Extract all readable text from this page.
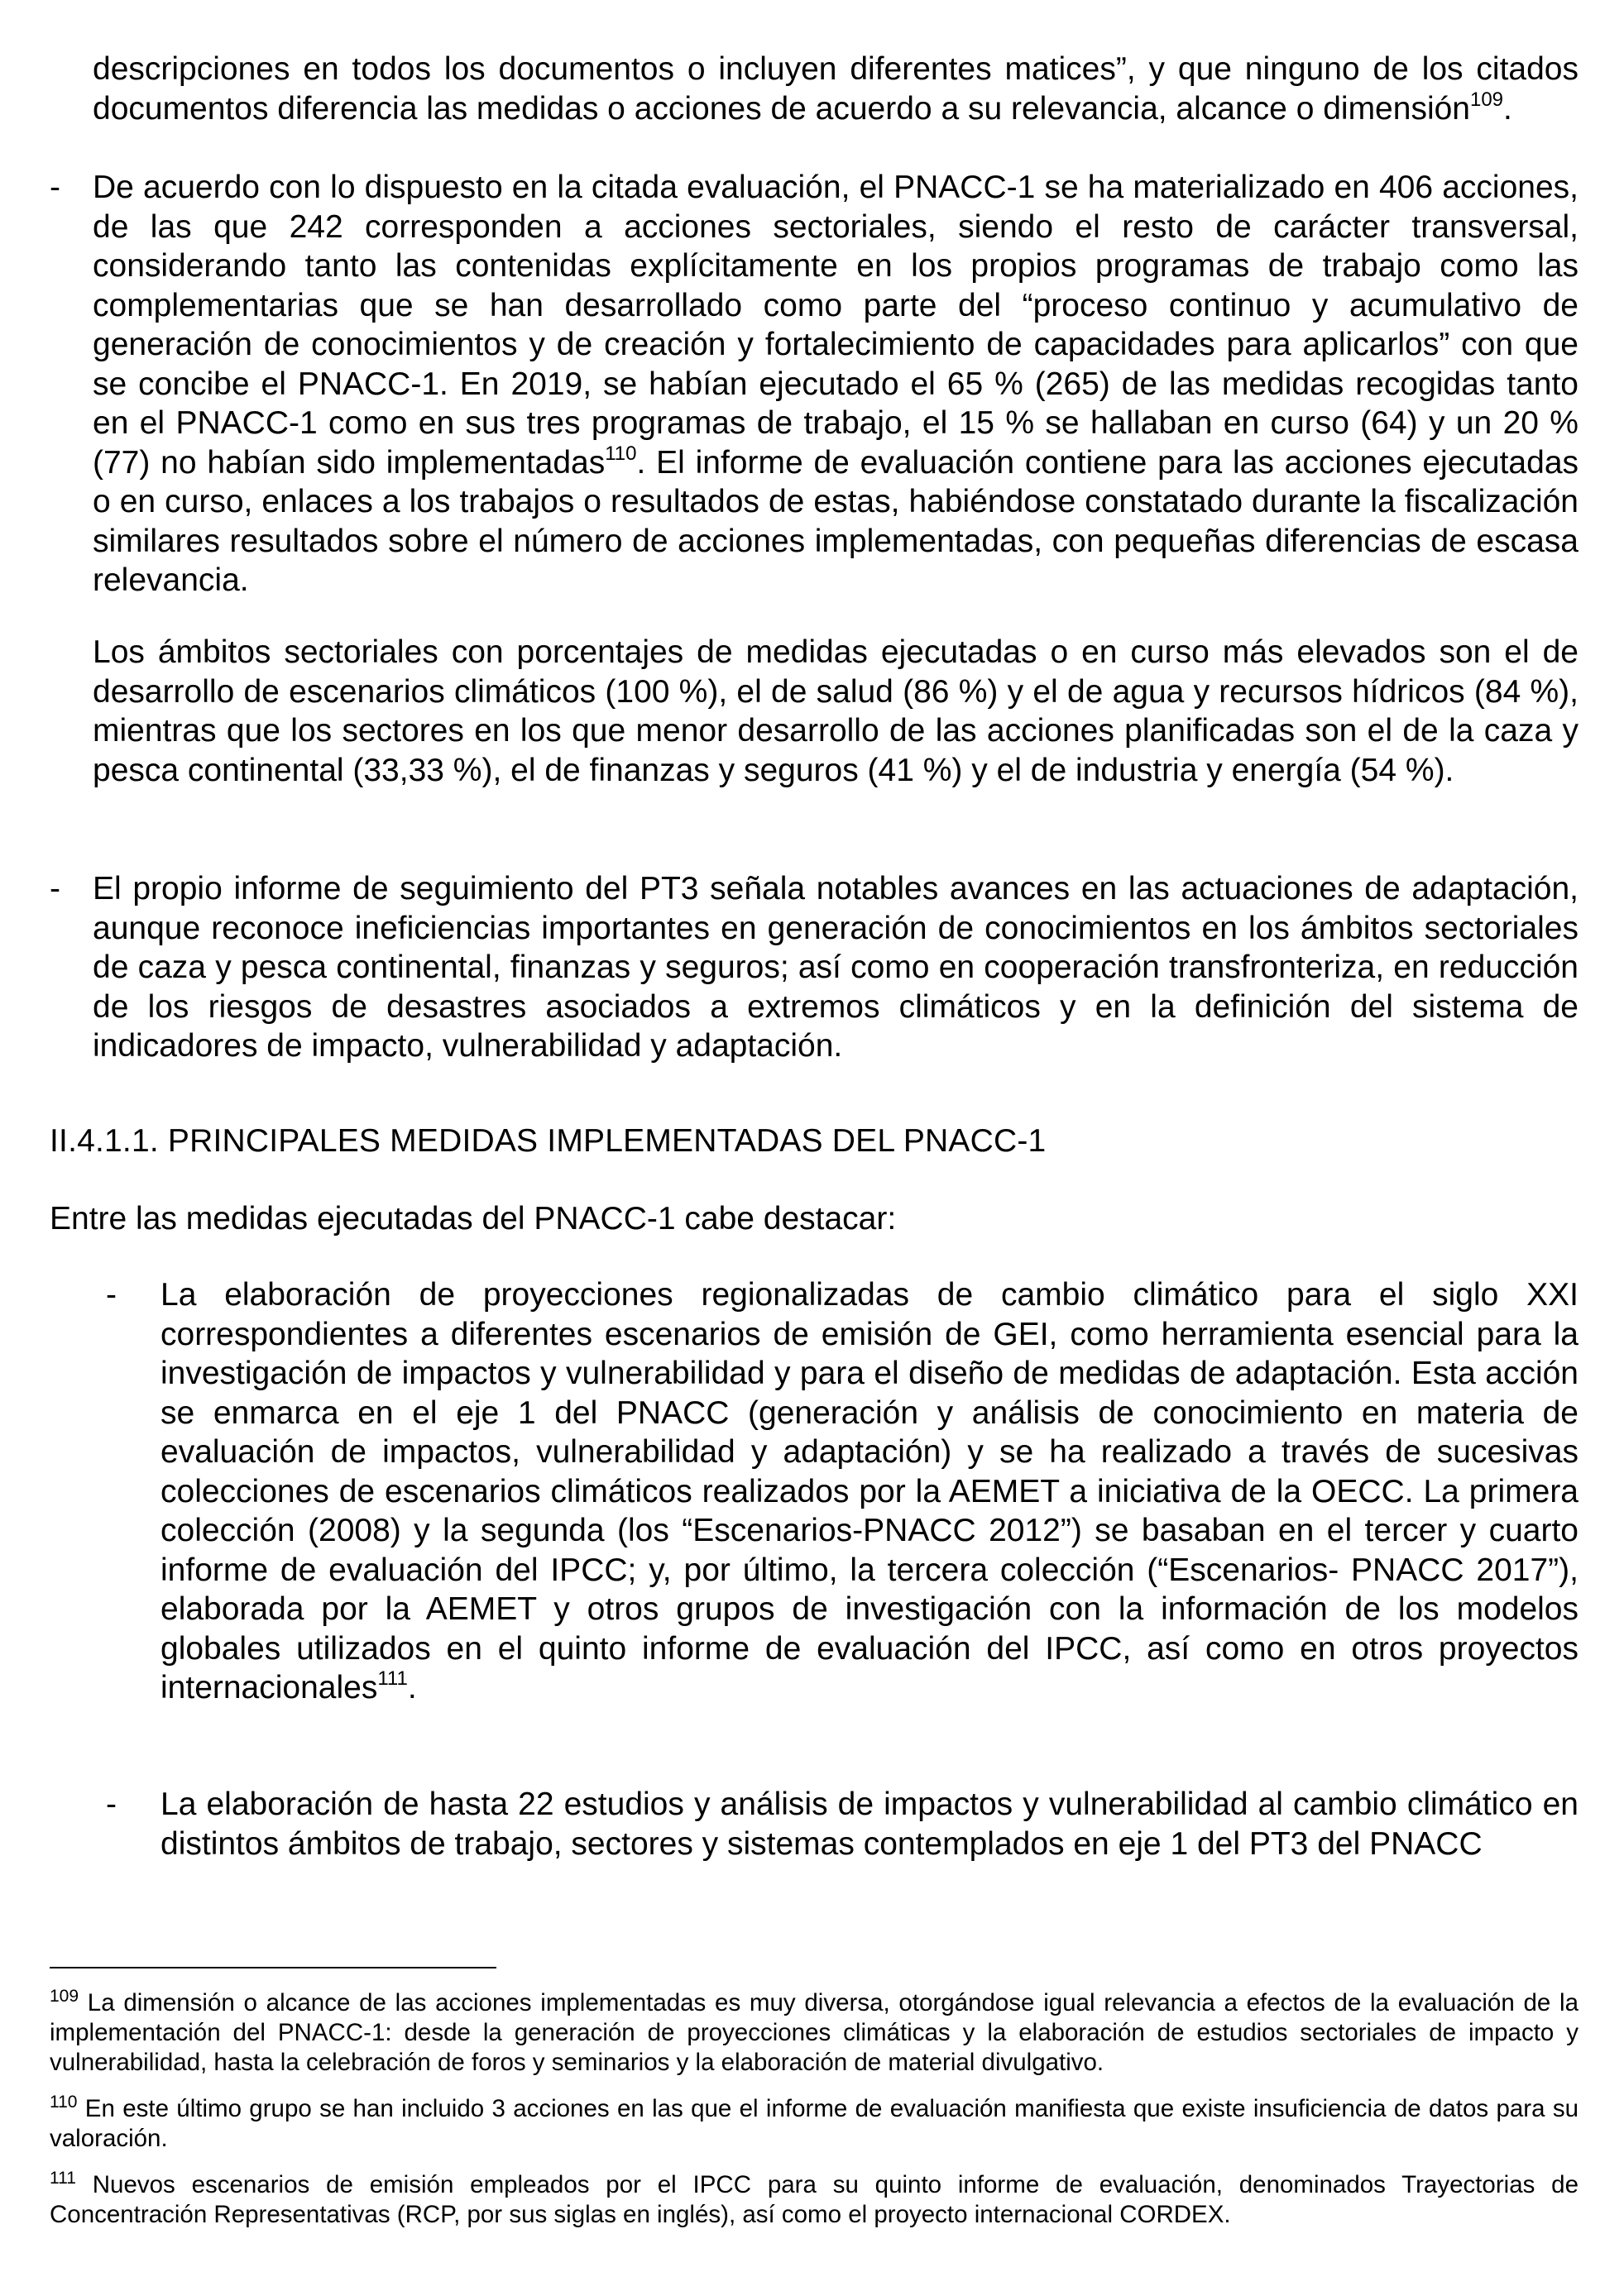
descripciones en todos los documentos o incluyen diferentes matices”, y que ninguno de los citados documentos diferencia las medidas o acciones de acuerdo a su relevancia, alcance o dimensión$^{109}$.

- De acuerdo con lo dispuesto en la citada evaluación, el PNACC-1 se ha materializado en 406 acciones, de las que 242 corresponden a acciones sectoriales, siendo el resto de carácter transversal, considerando tanto las contenidas explícitamente en los propios programas de trabajo como las complementarias que se han desarrollado como parte del “proceso continuo y acumulativo de generación de conocimientos y de creación y fortalecimiento de capacidades para aplicarlos” con que se concibe el PNACC-1. En 2019, se habían ejecutado el 65 % (265) de las medidas recogidas tanto en el PNACC-1 como en sus tres programas de trabajo, el 15 % se hallaban en curso (64) y un 20 % (77) no habían sido implementadas$^{110}$. El informe de evaluación contiene para las acciones ejecutadas o en curso, enlaces a los trabajos o resultados de estas, habiéndose constatado durante la fiscalización similares resultados sobre el número de acciones implementadas, con pequeñas diferencias de escasa relevancia.

Los ámbitos sectoriales con porcentajes de medidas ejecutadas o en curso más elevados son el de desarrollo de escenarios climáticos (100 %), el de salud (86 %) y el de agua y recursos hídricos (84 %), mientras que los sectores en los que menor desarrollo de las acciones planificadas son el de la caza y pesca continental (33,33 %), el de finanzas y seguros (41 %) y el de industria y energía (54 %).

- El propio informe de seguimiento del PT3 señala notables avances en las actuaciones de adaptación, aunque reconoce ineficiencias importantes en generación de conocimientos en los ámbitos sectoriales de caza y pesca continental, finanzas y seguros; así como en cooperación transfronteriza, en reducción de los riesgos de desastres asociados a extremos climáticos y en la definición del sistema de indicadores de impacto, vulnerabilidad y adaptación.

II.4.1.1. PRINCIPALES MEDIDAS IMPLEMENTADAS DEL PNACC-1

Entre las medidas ejecutadas del PNACC-1 cabe destacar:

- La elaboración de proyecciones regionalizadas de cambio climático para el siglo XXI correspondientes a diferentes escenarios de emisión de GEI, como herramienta esencial para la investigación de impactos y vulnerabilidad y para el diseño de medidas de adaptación. Esta acción se enmarca en el eje 1 del PNACC (generación y análisis de conocimiento en materia de evaluación de impactos, vulnerabilidad y adaptación) y se ha realizado a través de sucesivas colecciones de escenarios climáticos realizados por la AEMET a iniciativa de la OECC. La primera colección (2008) y la segunda (los “Escenarios-PNACC 2012”) se basaban en el tercer y cuarto informe de evaluación del IPCC; y, por último, la tercera colección (“Escenarios- PNACC 2017”), elaborada por la AEMET y otros grupos de investigación con la información de los modelos globales utilizados en el quinto informe de evaluación del IPCC, así como en otros proyectos internacionales$^{111}$.

- La elaboración de hasta 22 estudios y análisis de impactos y vulnerabilidad al cambio climático en distintos ámbitos de trabajo, sectores y sistemas contemplados en eje 1 del PT3 del PNACC

$^{109}$ La dimensión o alcance de las acciones implementadas es muy diversa, otorgándose igual relevancia a efectos de la evaluación de la implementación del PNACC-1: desde la generación de proyecciones climáticas y la elaboración de estudios sectoriales de impacto y vulnerabilidad, hasta la celebración de foros y seminarios y la elaboración de material divulgativo.

$^{110}$ En este último grupo se han incluido 3 acciones en las que el informe de evaluación manifiesta que existe insuficiencia de datos para su valoración.

$^{111}$ Nuevos escenarios de emisión empleados por el IPCC para su quinto informe de evaluación, denominados Trayectorias de Concentración Representativas (RCP, por sus siglas en inglés), así como el proyecto internacional CORDEX.
